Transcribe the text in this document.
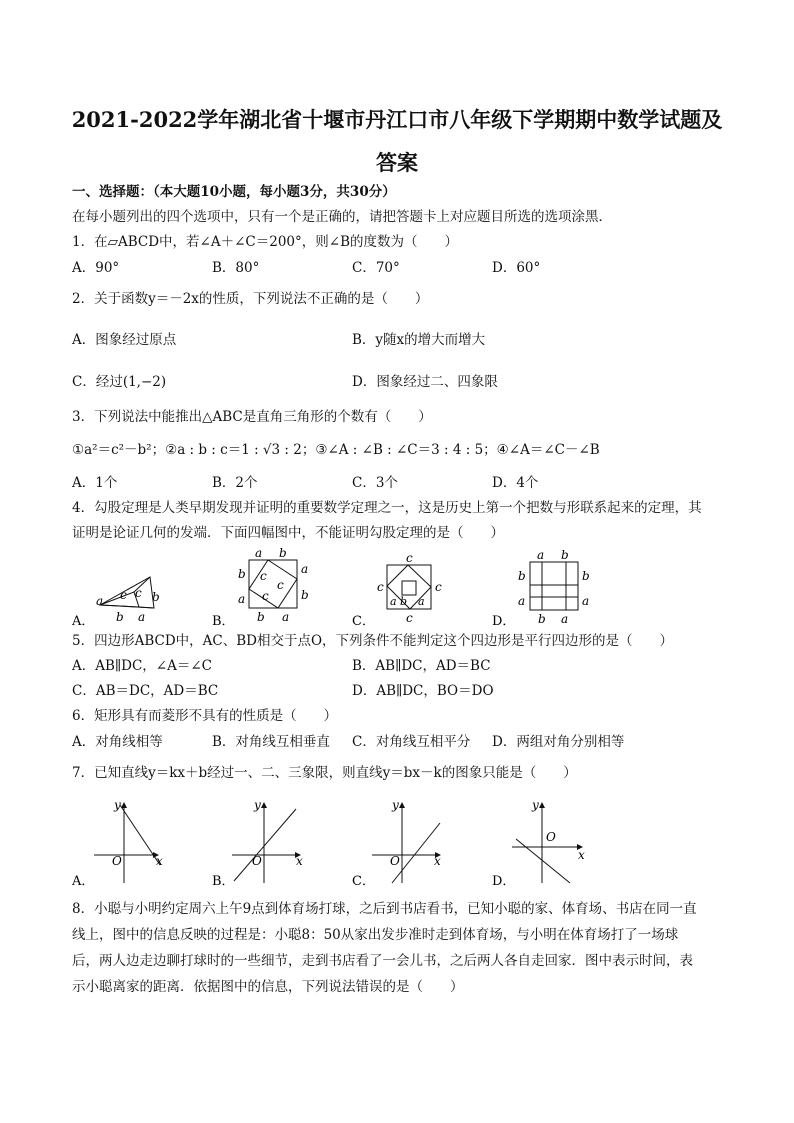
2021-2022学年湖北省十堰市丹江口市八年级下学期期中数学试题及
答案
一、选择题：（本大题10小题，每小题3分，共30分）
在每小题列出的四个选项中，只有一个是正确的，请把答题卡上对应题目所选的选项涂黑．
1．在▱ABCD中，若∠A＋∠C＝200°，则∠B的度数为（　　）
A．90°	B．80°	C．70°	D．60°
2．关于函数y＝－2x的性质，下列说法不正确的是（　　）
A．图象经过原点	B．y随x的增大而增大
C．经过(1,−2)	D．图象经过二、四象限
3．下列说法中能推出△ABC是直角三角形的个数有（　　）
①a²＝c²－b²；②a : b : c＝1 : √3 : 2；③∠A : ∠B : ∠C＝3 : 4 : 5；④∠A＝∠C－∠B
A．1个	B．2个	C．3个	D．4个
4．勾股定理是人类早期发现并证明的重要数学定理之一，这是历史上第一个把数与形联系起来的定理，其
证明是论证几何的发端．下面四幅图中，不能证明勾股定理的是（　　）
a
b a
c c b
A．
a b
b
a
a
b
b a
c
c
c
B．
c
c	c
c
a b a
C．
a b
b
a
b
a
b a
D．
5．四边形ABCD中，AC、BD相交于点O，下列条件不能判定这个四边形是平行四边形的是（　　）
A．AB∥DC，∠A＝∠C	B．AB∥DC，AD＝BC
C．AB＝DC，AD＝BC	D．AB∥DC，BO＝DO
6．矩形具有而菱形不具有的性质是（　　）
A．对角线相等	B．对角线互相垂直 C．对角线互相平分 D．两组对角分别相等
7．已知直线y＝kx＋b经过一、二、三象限，则直线y＝bx－k的图象只能是（　　）
O	x
y
A．
O	x
y
B．
O	x
y
C．
O
x
y
D．
8．小聪与小明约定周六上午9点到体育场打球，之后到书店看书，已知小聪的家、体育场、书店在同一直
线上，图中的信息反映的过程是：小聪8：50从家出发步准时走到体育场，与小明在体育场打了一场球
后，两人边走边聊打球时的一些细节，走到书店看了一会儿书，之后两人各自走回家．图中表示时间，表
示小聪离家的距离．依据图中的信息，下列说法错误的是（　　）
